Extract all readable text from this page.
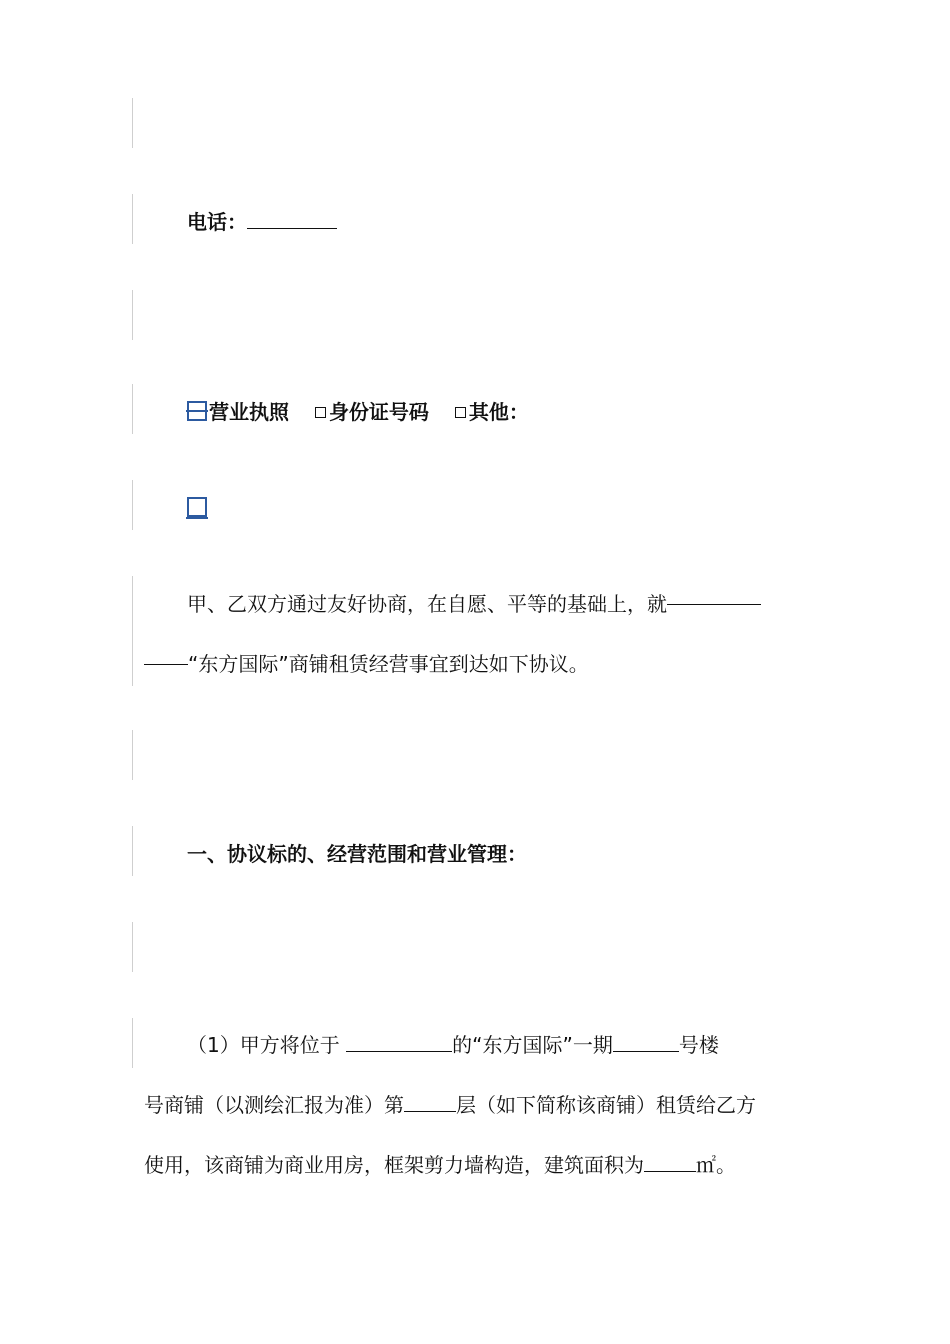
电话：
营业执照 身份证号码 其他：
甲、乙双方通过友好协商，在自愿、平等的基础上，就
“东方国际”商铺租赁经营事宜到达如下协议。
一、协议标的、经营范围和营业管理：
（1）甲方将位于	的“东方国际”一期	号楼
号商铺（以测绘汇报为准）第	层（如下简称该商铺）租赁给乙方
使用，该商铺为商业用房，框架剪力墙构造，建筑面积为	㎡。
